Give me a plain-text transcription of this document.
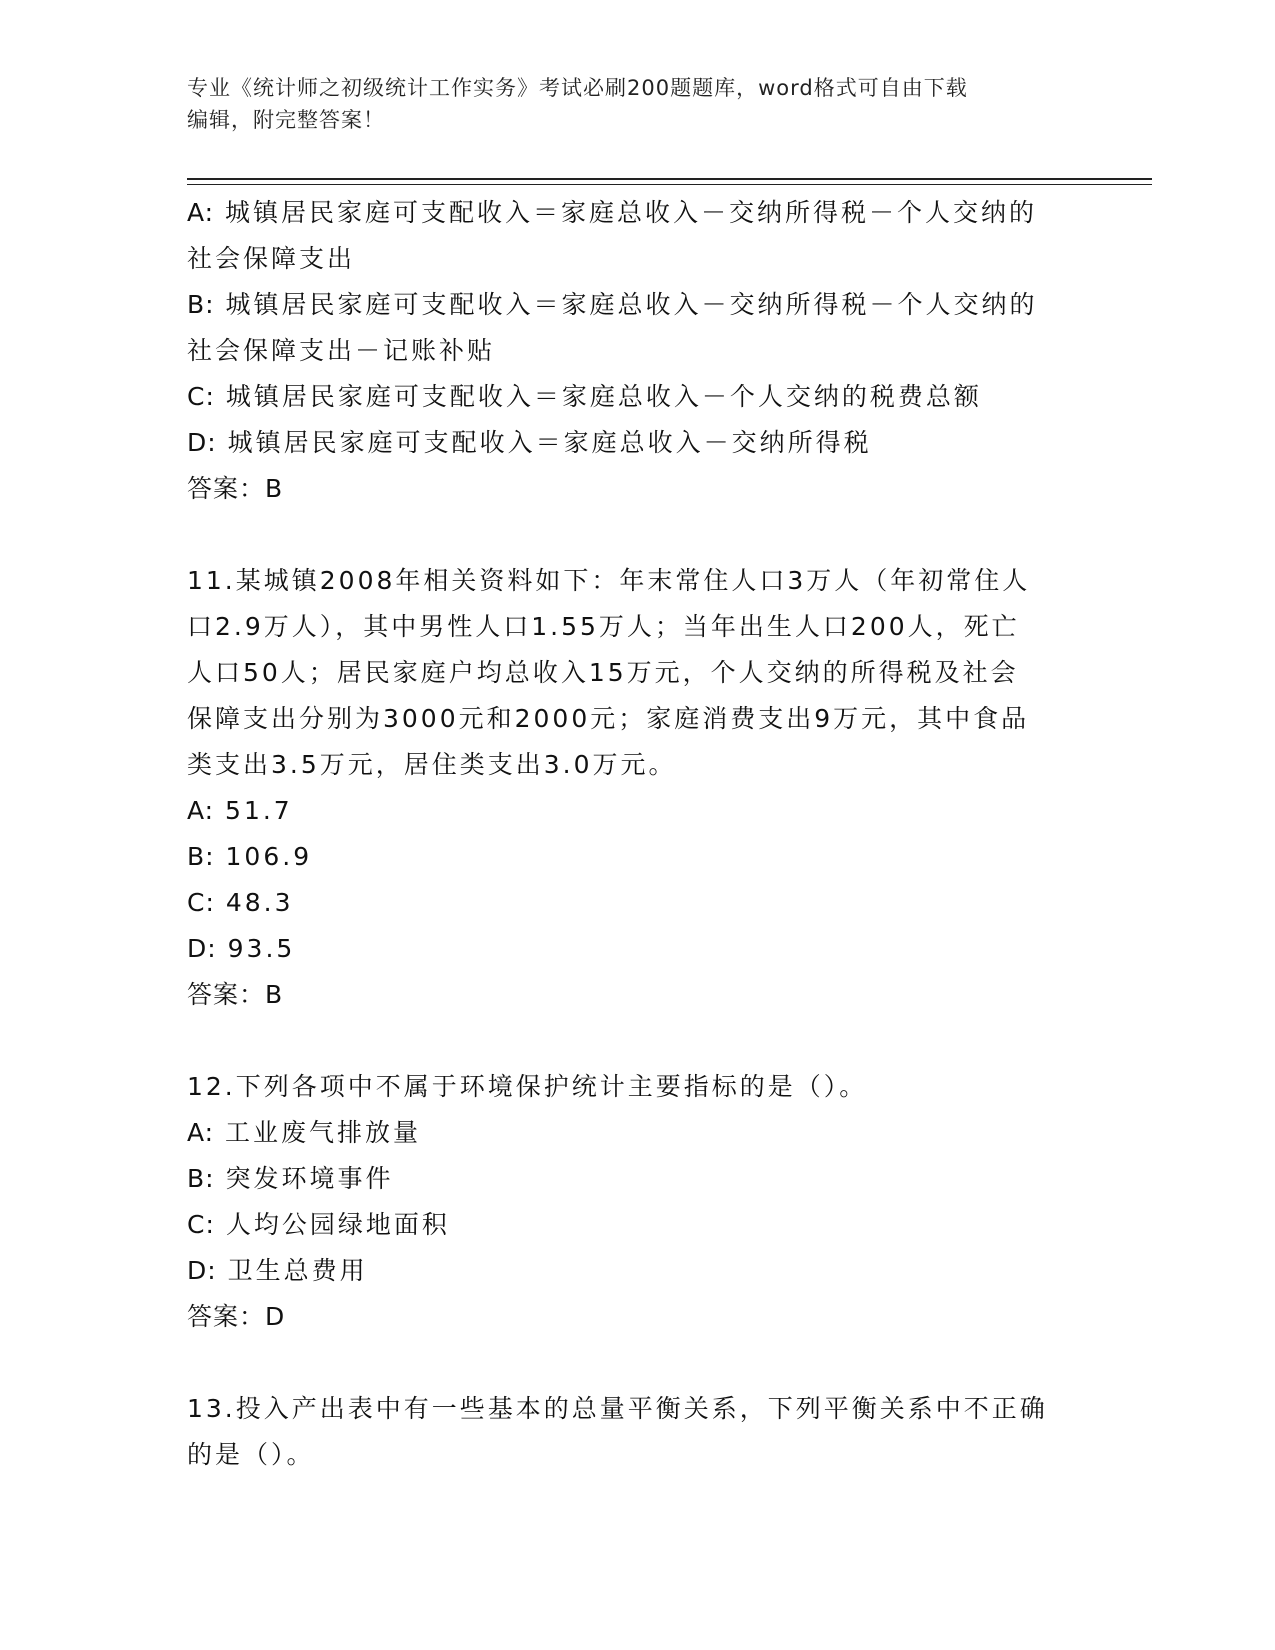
专业《统计师之初级统计工作实务》考试必刷200题题库，word格式可自由下载
编辑，附完整答案！

A: 城镇居民家庭可支配收入＝家庭总收入－交纳所得税－个人交纳的

社会保障支出

B: 城镇居民家庭可支配收入＝家庭总收入－交纳所得税－个人交纳的

社会保障支出－记账补贴

C: 城镇居民家庭可支配收入＝家庭总收入－个人交纳的税费总额

D: 城镇居民家庭可支配收入＝家庭总收入－交纳所得税

答案：B

11.某城镇2008年相关资料如下：年末常住人口3万人（年初常住人

口2.9万人），其中男性人口1.55万人；当年出生人口200人，死亡

人口50人；居民家庭户均总收入15万元，个人交纳的所得税及社会

保障支出分别为3000元和2000元；家庭消费支出9万元，其中食品

类支出3.5万元，居住类支出3.0万元。

A: 51.7

B: 106.9

C: 48.3

D: 93.5

答案：B

12.下列各项中不属于环境保护统计主要指标的是（）。

A: 工业废气排放量

B: 突发环境事件

C: 人均公园绿地面积

D: 卫生总费用

答案：D

13.投入产出表中有一些基本的总量平衡关系，下列平衡关系中不正确

的是（）。
